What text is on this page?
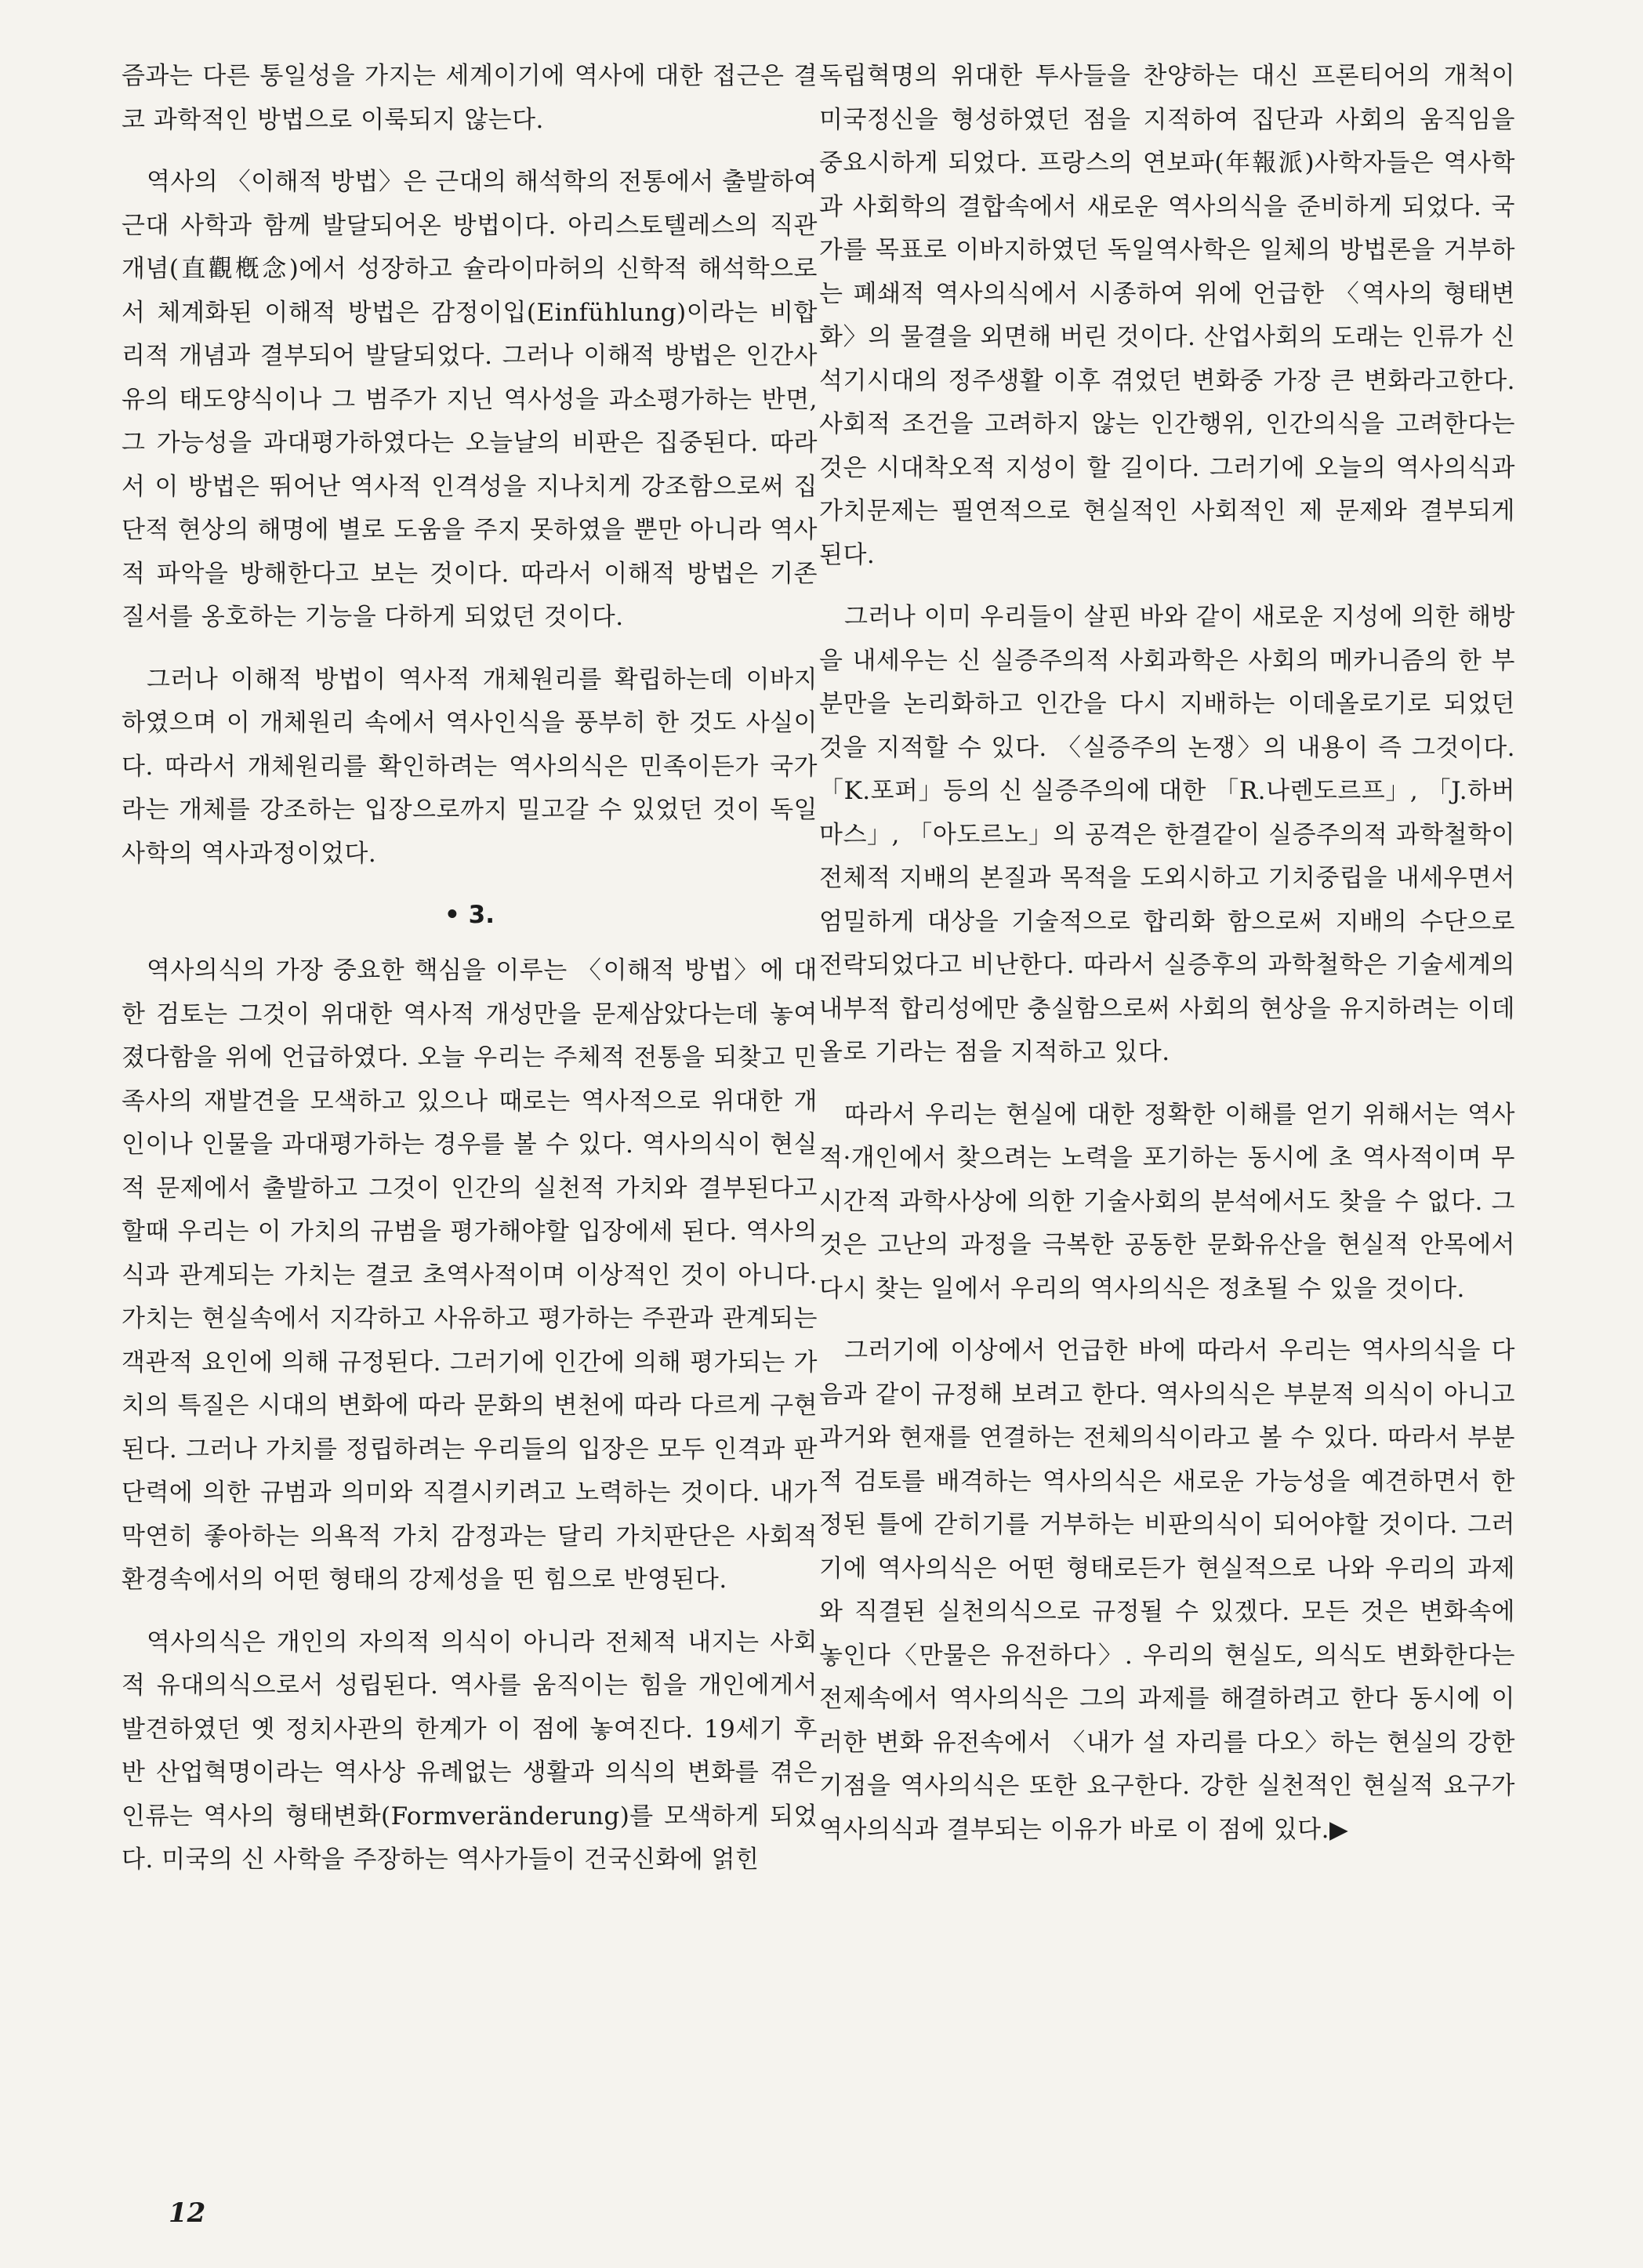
즘과는 다른 통일성을 가지는 세계이기에 역사에 대한 접근은 결코 과학적인 방법으로 이룩되지 않는다.

역사의 〈이해적 방법〉은 근대의 해석학의 전통에서 출발하여 근대 사학과 함께 발달되어온 방법이다. 아리스토텔레스의 직관개념(直觀槪念)에서 성장하고 슐라이마허의 신학적 해석학으로서 체계화된 이해적 방법은 감정이입(Einfühlung)이라는 비합리적 개념과 결부되어 발달되었다. 그러나 이해적 방법은 인간사유의 태도양식이나 그 범주가 지닌 역사성을 과소평가하는 반면, 그 가능성을 과대평가하였다는 오늘날의 비판은 집중된다. 따라서 이 방법은 뛰어난 역사적 인격성을 지나치게 강조함으로써 집단적 현상의 해명에 별로 도움을 주지 못하였을 뿐만 아니라 역사적 파악을 방해한다고 보는 것이다. 따라서 이해적 방법은 기존 질서를 옹호하는 기능을 다하게 되었던 것이다.

그러나 이해적 방법이 역사적 개체원리를 확립하는데 이바지 하였으며 이 개체원리 속에서 역사인식을 풍부히 한 것도 사실이다. 따라서 개체원리를 확인하려는 역사의식은 민족이든가 국가라는 개체를 강조하는 입장으로까지 밀고갈 수 있었던 것이 독일사학의 역사과정이었다.

• 3.

역사의식의 가장 중요한 핵심을 이루는 〈이해적 방법〉에 대한 검토는 그것이 위대한 역사적 개성만을 문제삼았다는데 놓여졌다함을 위에 언급하였다. 오늘 우리는 주체적 전통을 되찾고 민족사의 재발견을 모색하고 있으나 때로는 역사적으로 위대한 개인이나 인물을 과대평가하는 경우를 볼 수 있다. 역사의식이 현실적 문제에서 출발하고 그것이 인간의 실천적 가치와 결부된다고 할때 우리는 이 가치의 규범을 평가해야할 입장에세 된다. 역사의식과 관계되는 가치는 결코 초역사적이며 이상적인 것이 아니다. 가치는 현실속에서 지각하고 사유하고 평가하는 주관과 관계되는 객관적 요인에 의해 규정된다. 그러기에 인간에 의해 평가되는 가치의 특질은 시대의 변화에 따라 문화의 변천에 따라 다르게 구현된다. 그러나 가치를 정립하려는 우리들의 입장은 모두 인격과 판단력에 의한 규범과 의미와 직결시키려고 노력하는 것이다. 내가 막연히 좋아하는 의욕적 가치 감정과는 달리 가치판단은 사회적 환경속에서의 어떤 형태의 강제성을 띤 힘으로 반영된다.

역사의식은 개인의 자의적 의식이 아니라 전체적 내지는 사회적 유대의식으로서 성립된다. 역사를 움직이는 힘을 개인에게서 발견하였던 옛 정치사관의 한계가 이 점에 놓여진다. 19세기 후반 산업혁명이라는 역사상 유례없는 생활과 의식의 변화를 겪은 인류는 역사의 형태변화(Formveränderung)를 모색하게 되었다. 미국의 신 사학을 주장하는 역사가들이 건국신화에 얽힌

독립혁명의 위대한 투사들을 찬양하는 대신 프론티어의 개척이 미국정신을 형성하였던 점을 지적하여 집단과 사회의 움직임을 중요시하게 되었다. 프랑스의 연보파(年報派)사학자들은 역사학과 사회학의 결합속에서 새로운 역사의식을 준비하게 되었다. 국가를 목표로 이바지하였던 독일역사학은 일체의 방법론을 거부하는 폐쇄적 역사의식에서 시종하여 위에 언급한 〈역사의 형태변화〉의 물결을 외면해 버린 것이다. 산업사회의 도래는 인류가 신석기시대의 정주생활 이후 겪었던 변화중 가장 큰 변화라고한다. 사회적 조건을 고려하지 않는 인간행위, 인간의식을 고려한다는 것은 시대착오적 지성이 할 길이다. 그러기에 오늘의 역사의식과 가치문제는 필연적으로 현실적인 사회적인 제 문제와 결부되게 된다.

그러나 이미 우리들이 살핀 바와 같이 새로운 지성에 의한 해방을 내세우는 신 실증주의적 사회과학은 사회의 메카니즘의 한 부분만을 논리화하고 인간을 다시 지배하는 이데올로기로 되었던 것을 지적할 수 있다. 〈실증주의 논쟁〉의 내용이 즉 그것이다. 「K.포퍼」등의 신 실증주의에 대한 「R.나렌도르프」, 「J.하버마스」, 「아도르노」의 공격은 한결같이 실증주의적 과학철학이 전체적 지배의 본질과 목적을 도외시하고 기치중립을 내세우면서 엄밀하게 대상을 기술적으로 합리화 함으로써 지배의 수단으로 전락되었다고 비난한다. 따라서 실증후의 과학철학은 기술세계의 내부적 합리성에만 충실함으로써 사회의 현상을 유지하려는 이데올로 기라는 점을 지적하고 있다.

따라서 우리는 현실에 대한 정확한 이해를 얻기 위해서는 역사적·개인에서 찾으려는 노력을 포기하는 동시에 초 역사적이며 무 시간적 과학사상에 의한 기술사회의 분석에서도 찾을 수 없다. 그것은 고난의 과정을 극복한 공동한 문화유산을 현실적 안목에서 다시 찾는 일에서 우리의 역사의식은 정초될 수 있을 것이다.

그러기에 이상에서 언급한 바에 따라서 우리는 역사의식을 다음과 같이 규정해 보려고 한다. 역사의식은 부분적 의식이 아니고 과거와 현재를 연결하는 전체의식이라고 볼 수 있다. 따라서 부분적 검토를 배격하는 역사의식은 새로운 가능성을 예견하면서 한정된 틀에 갇히기를 거부하는 비판의식이 되어야할 것이다. 그러기에 역사의식은 어떤 형태로든가 현실적으로 나와 우리의 과제와 직결된 실천의식으로 규정될 수 있겠다. 모든 것은 변화속에 놓인다〈만물은 유전하다〉. 우리의 현실도, 의식도 변화한다는 전제속에서 역사의식은 그의 과제를 해결하려고 한다 동시에 이러한 변화 유전속에서 〈내가 설 자리를 다오〉하는 현실의 강한 기점을 역사의식은 또한 요구한다. 강한 실천적인 현실적 요구가 역사의식과 결부되는 이유가 바로 이 점에 있다.▶

12
